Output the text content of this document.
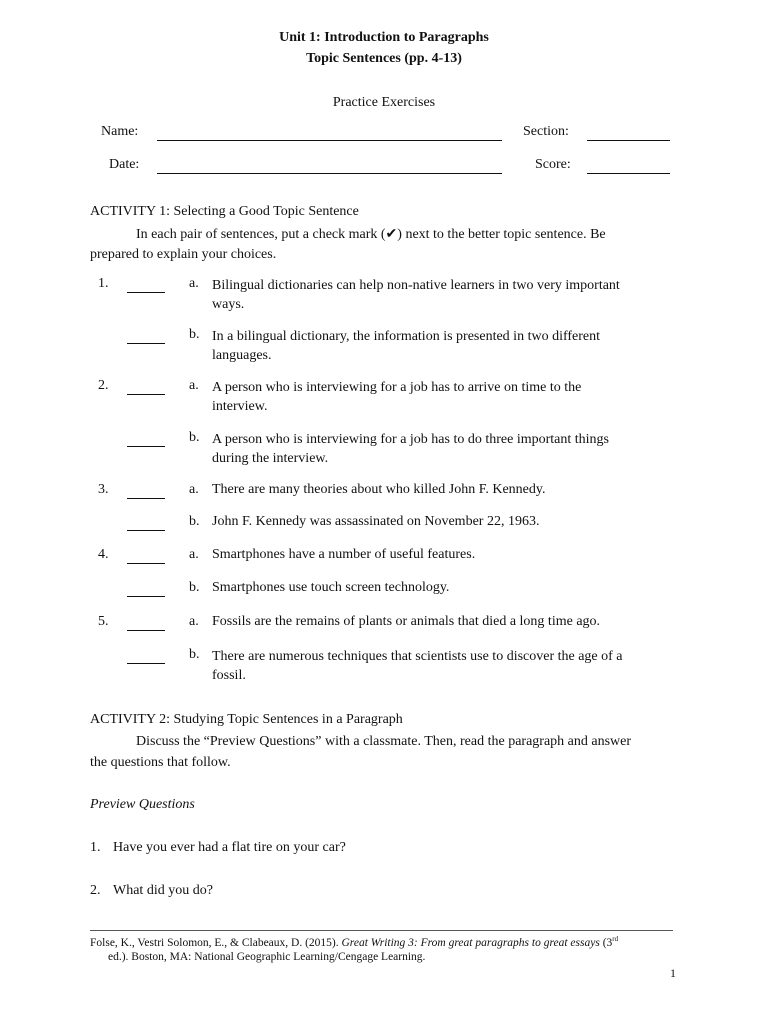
Unit 1: Introduction to Paragraphs
Topic Sentences (pp. 4-13)
Practice Exercises
Name:	Section:
Date:	Score:
ACTIVITY 1: Selecting a Good Topic Sentence
In each pair of sentences, put a check mark (✔) next to the better topic sentence. Be
prepared to explain your choices.
1.	a. Bilingual dictionaries can help non-native learners in two very important
ways.
b. In a bilingual dictionary, the information is presented in two different
languages.
2.	a. A person who is interviewing for a job has to arrive on time to the
interview.
b. A person who is interviewing for a job has to do three important things
during the interview.
3.	a. There are many theories about who killed John F. Kennedy.
b. John F. Kennedy was assassinated on November 22, 1963.
4.	a. Smartphones have a number of useful features.
b. Smartphones use touch screen technology.
5.	a. Fossils are the remains of plants or animals that died a long time ago.
b. There are numerous techniques that scientists use to discover the age of a
fossil.
ACTIVITY 2: Studying Topic Sentences in a Paragraph
Discuss the “Preview Questions” with a classmate. Then, read the paragraph and answer
the questions that follow.
Preview Questions
1. Have you ever had a flat tire on your car?
2. What did you do?
Folse, K., Vestri Solomon, E., & Clabeaux, D. (2015). Great Writing 3: From great paragraphs to great essays (3rd
ed.). Boston, MA: National Geographic Learning/Cengage Learning.
1
